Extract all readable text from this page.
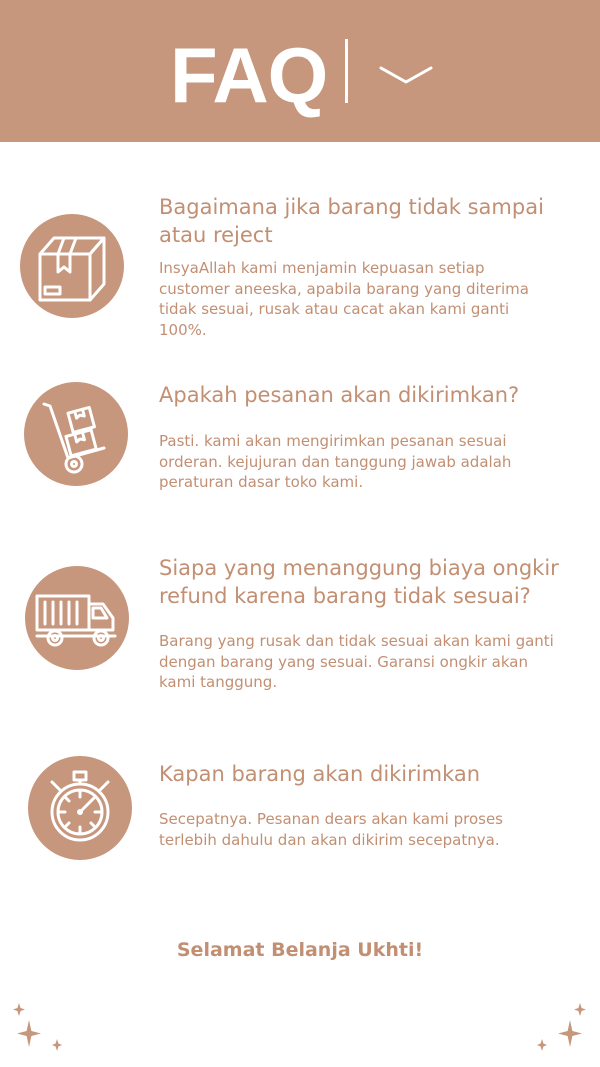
FAQ
Bagaimana jika barang tidak sampai atau reject
InsyaAllah kami menjamin kepuasan setiap customer aneeska, apabila barang yang diterima tidak sesuai, rusak atau cacat akan kami ganti 100%.
Apakah pesanan akan dikirimkan?
Pasti. kami akan mengirimkan pesanan sesuai orderan. kejujuran dan tanggung jawab adalah peraturan dasar toko kami.
Siapa yang menanggung biaya ongkir refund karena barang tidak sesuai?
Barang yang rusak dan tidak sesuai akan kami ganti dengan barang yang sesuai. Garansi ongkir akan kami tanggung.
Kapan barang akan dikirimkan
Secepatnya. Pesanan dears akan kami proses terlebih dahulu dan akan dikirim secepatnya.
Selamat Belanja Ukhti!
